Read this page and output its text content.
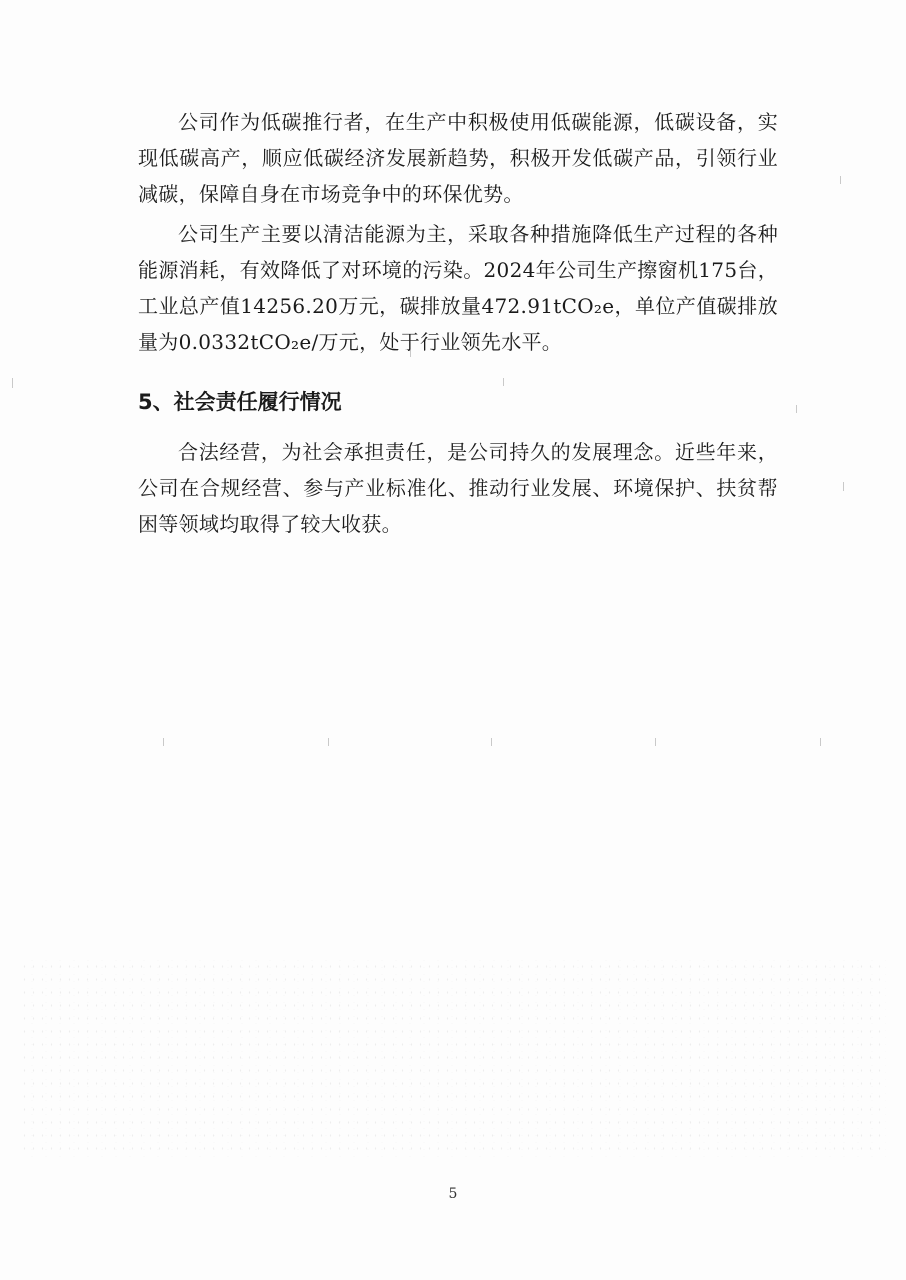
公司作为低碳推行者，在生产中积极使用低碳能源，低碳设备，实现低碳高产，顺应低碳经济发展新趋势，积极开发低碳产品，引领行业减碳，保障自身在市场竞争中的环保优势。

公司生产主要以清洁能源为主，采取各种措施降低生产过程的各种能源消耗，有效降低了对环境的污染。2024年公司生产擦窗机175台，工业总产值14256.20万元，碳排放量472.91tCO₂e，单位产值碳排放量为0.0332tCO₂e/万元，处于行业领先水平。

5、社会责任履行情况

合法经营，为社会承担责任，是公司持久的发展理念。近些年来，公司在合规经营、参与产业标准化、推动行业发展、环境保护、扶贫帮困等领域均取得了较大收获。

5
